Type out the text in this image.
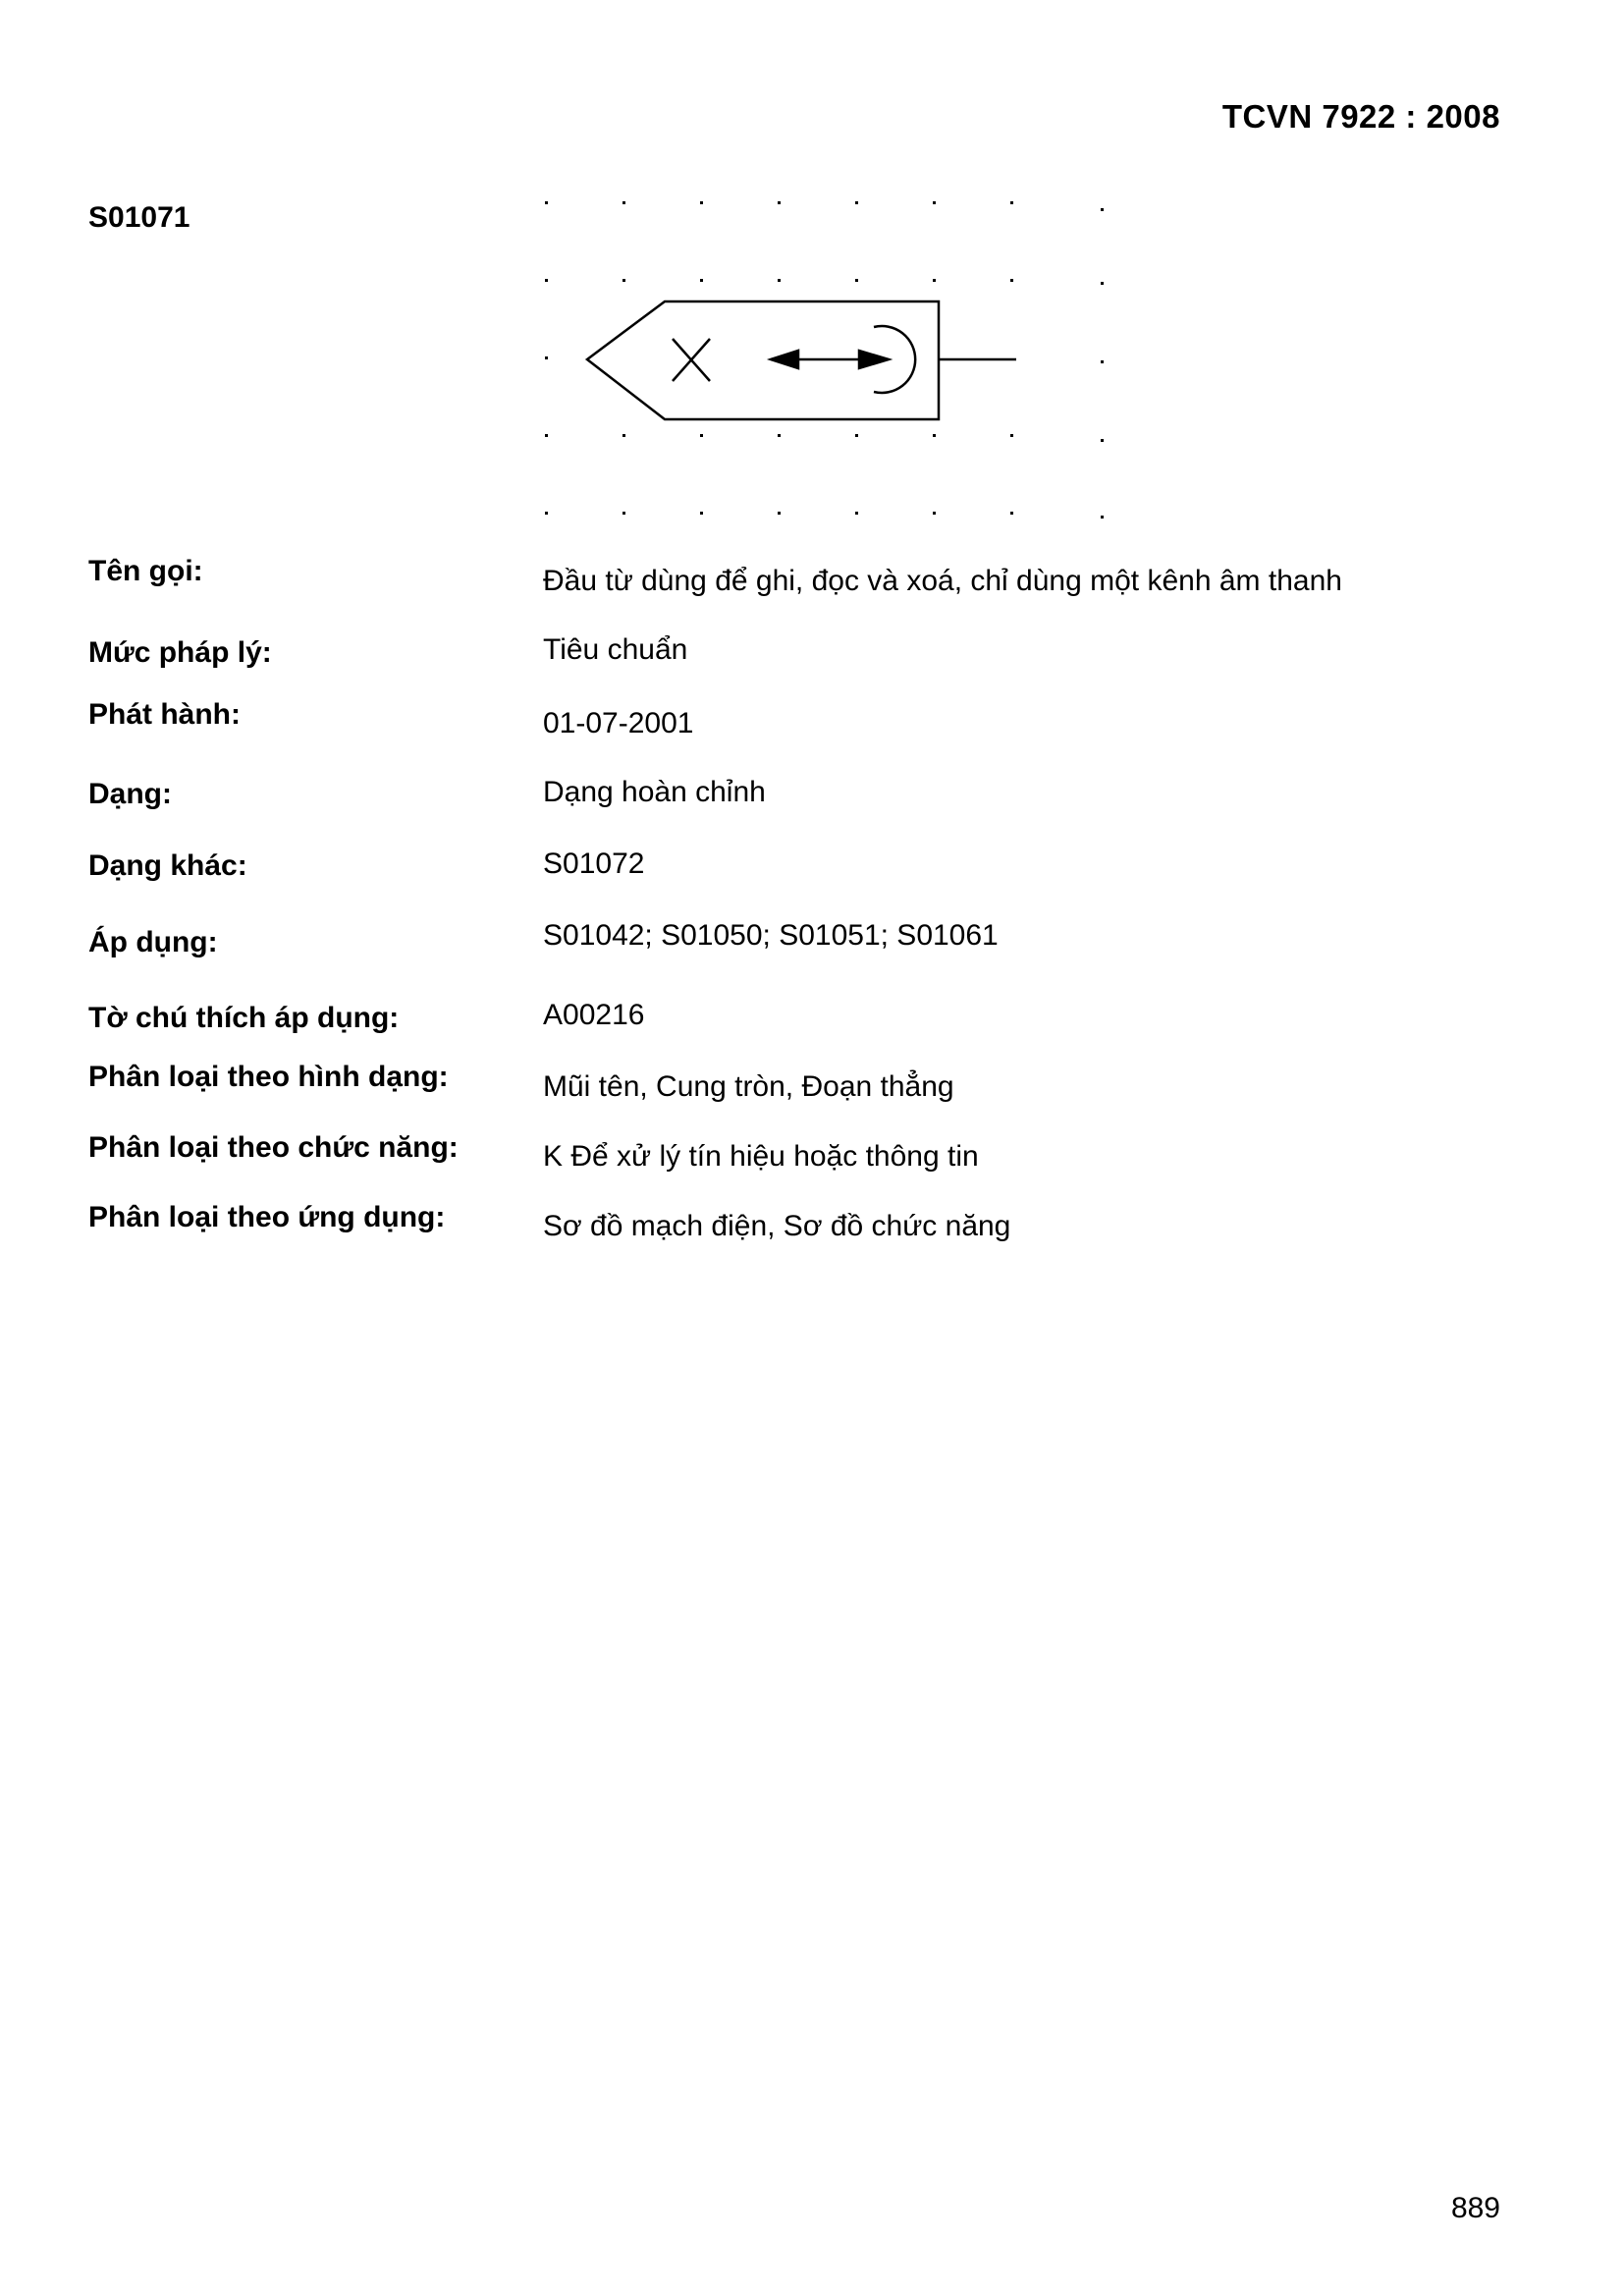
TCVN 7922 : 2008
S01071
Tên gọi:	Đầu từ dùng để ghi, đọc và xoá, chỉ dùng một kênh âm thanh
Mức pháp lý:	Tiêu chuẩn
Phát hành:	01-07-2001
Dạng:	Dạng hoàn chỉnh
Dạng khác:	S01072
Áp dụng:	S01042; S01050; S01051; S01061
Tờ chú thích áp dụng:	A00216
Phân loại theo hình dạng:	Mũi tên, Cung tròn, Đoạn thẳng
Phân loại theo chức năng:	K Để xử lý tín hiệu hoặc thông tin
Phân loại theo ứng dụng:	Sơ đồ mạch điện, Sơ đồ chức năng
889
